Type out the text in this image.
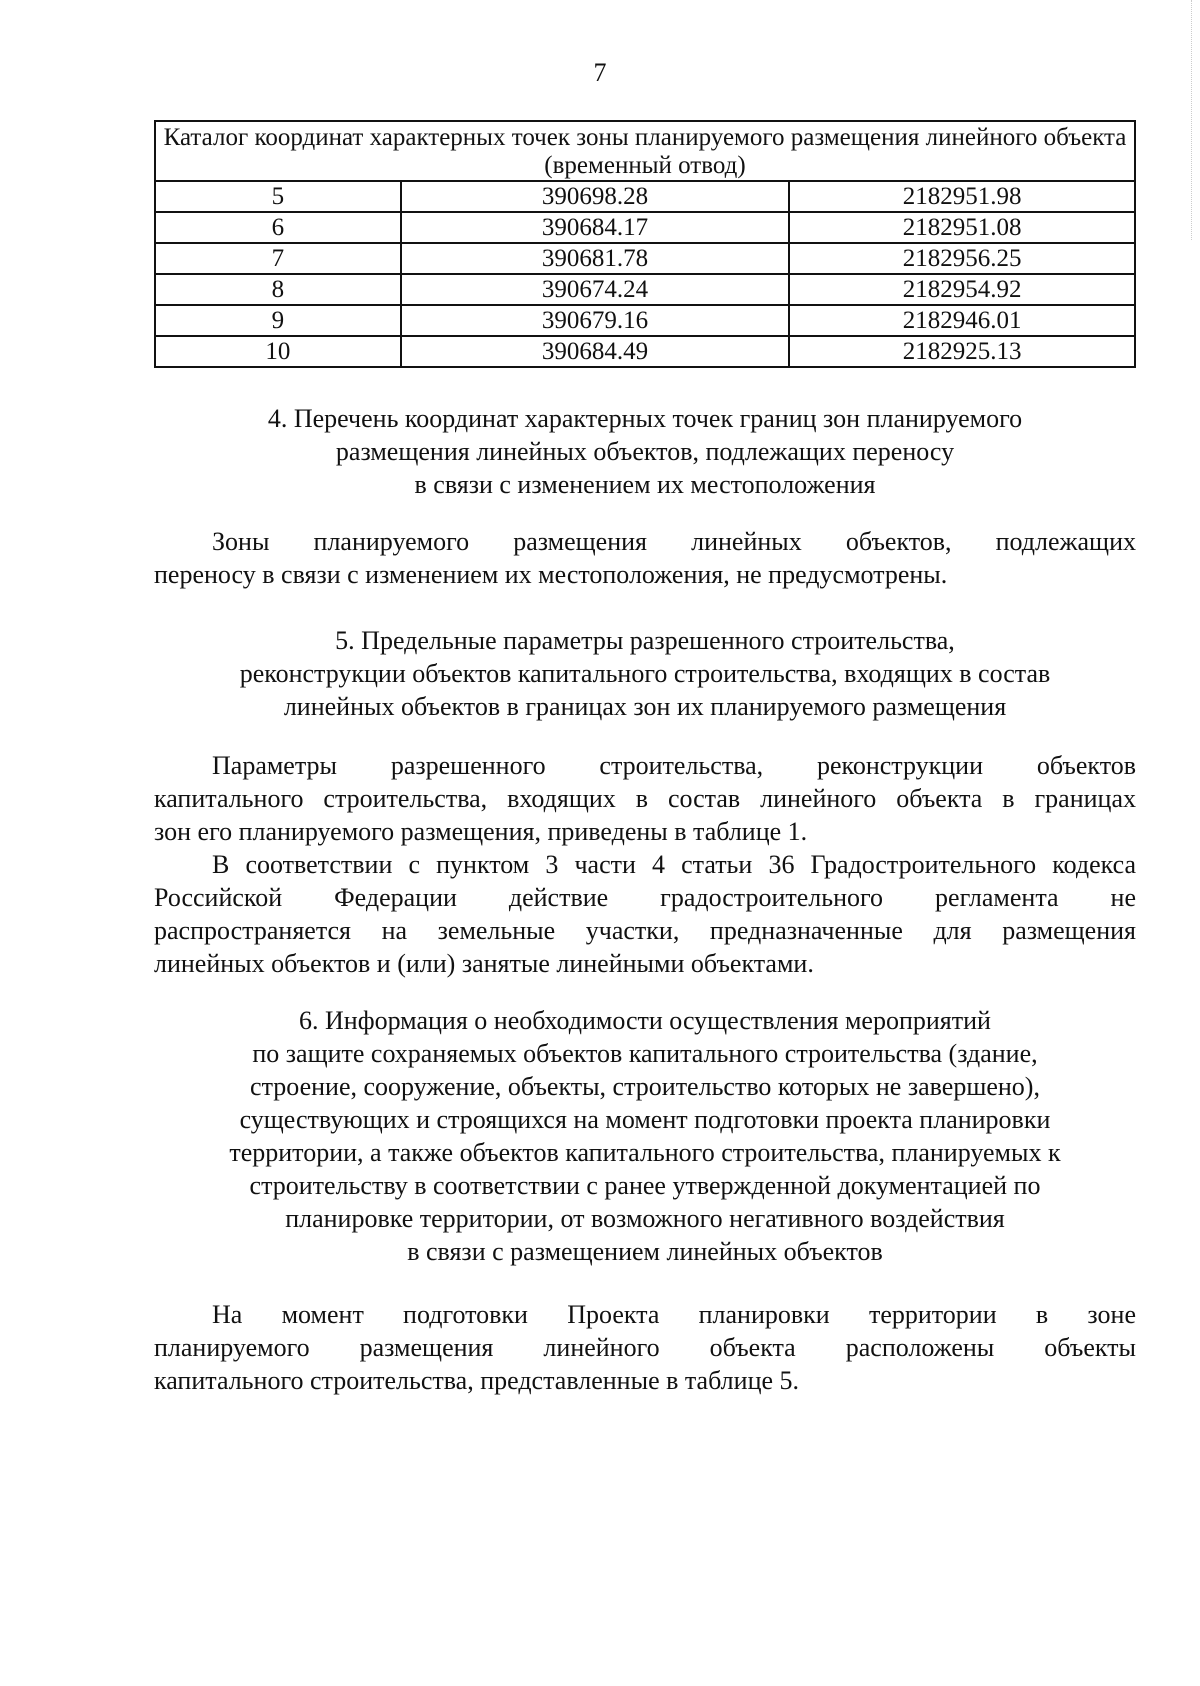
7
Каталог координат характерных точек зоны планируемого размещения линейного объекта
(временный отвод)		

5	390698.28	2182951.98
6	390684.17	2182951.08
7	390681.78	2182956.25
8	390674.24	2182954.92
9	390679.16	2182946.01
10	390684.49	2182925.13
4. Перечень координат характерных точек границ зон планируемого
размещения линейных объектов, подлежащих переносу
в связи с изменением их местоположения
Зоны планируемого размещения линейных объектов, подлежащих
переносу в связи с изменением их местоположения, не предусмотрены.
5. Предельные параметры разрешенного строительства,
реконструкции объектов капитального строительства, входящих в состав
линейных объектов в границах зон их планируемого размещения
Параметры разрешенного строительства, реконструкции объектов
капитального строительства, входящих в состав линейного объекта в границах
зон его планируемого размещения, приведены в таблице 1.
В соответствии с пунктом 3 части 4 статьи 36 Градостроительного кодекса
Российской Федерации действие градостроительного регламента не
распространяется на земельные участки, предназначенные для размещения
линейных объектов и (или) занятые линейными объектами.
6. Информация о необходимости осуществления мероприятий
по защите сохраняемых объектов капитального строительства (здание,
строение, сооружение, объекты, строительство которых не завершено),
существующих и строящихся на момент подготовки проекта планировки
территории, а также объектов капитального строительства, планируемых к
строительству в соответствии с ранее утвержденной документацией по
планировке территории, от возможного негативного воздействия
в связи с размещением линейных объектов
На момент подготовки Проекта планировки территории в зоне
планируемого размещения линейного объекта расположены объекты
капитального строительства, представленные в таблице 5.
